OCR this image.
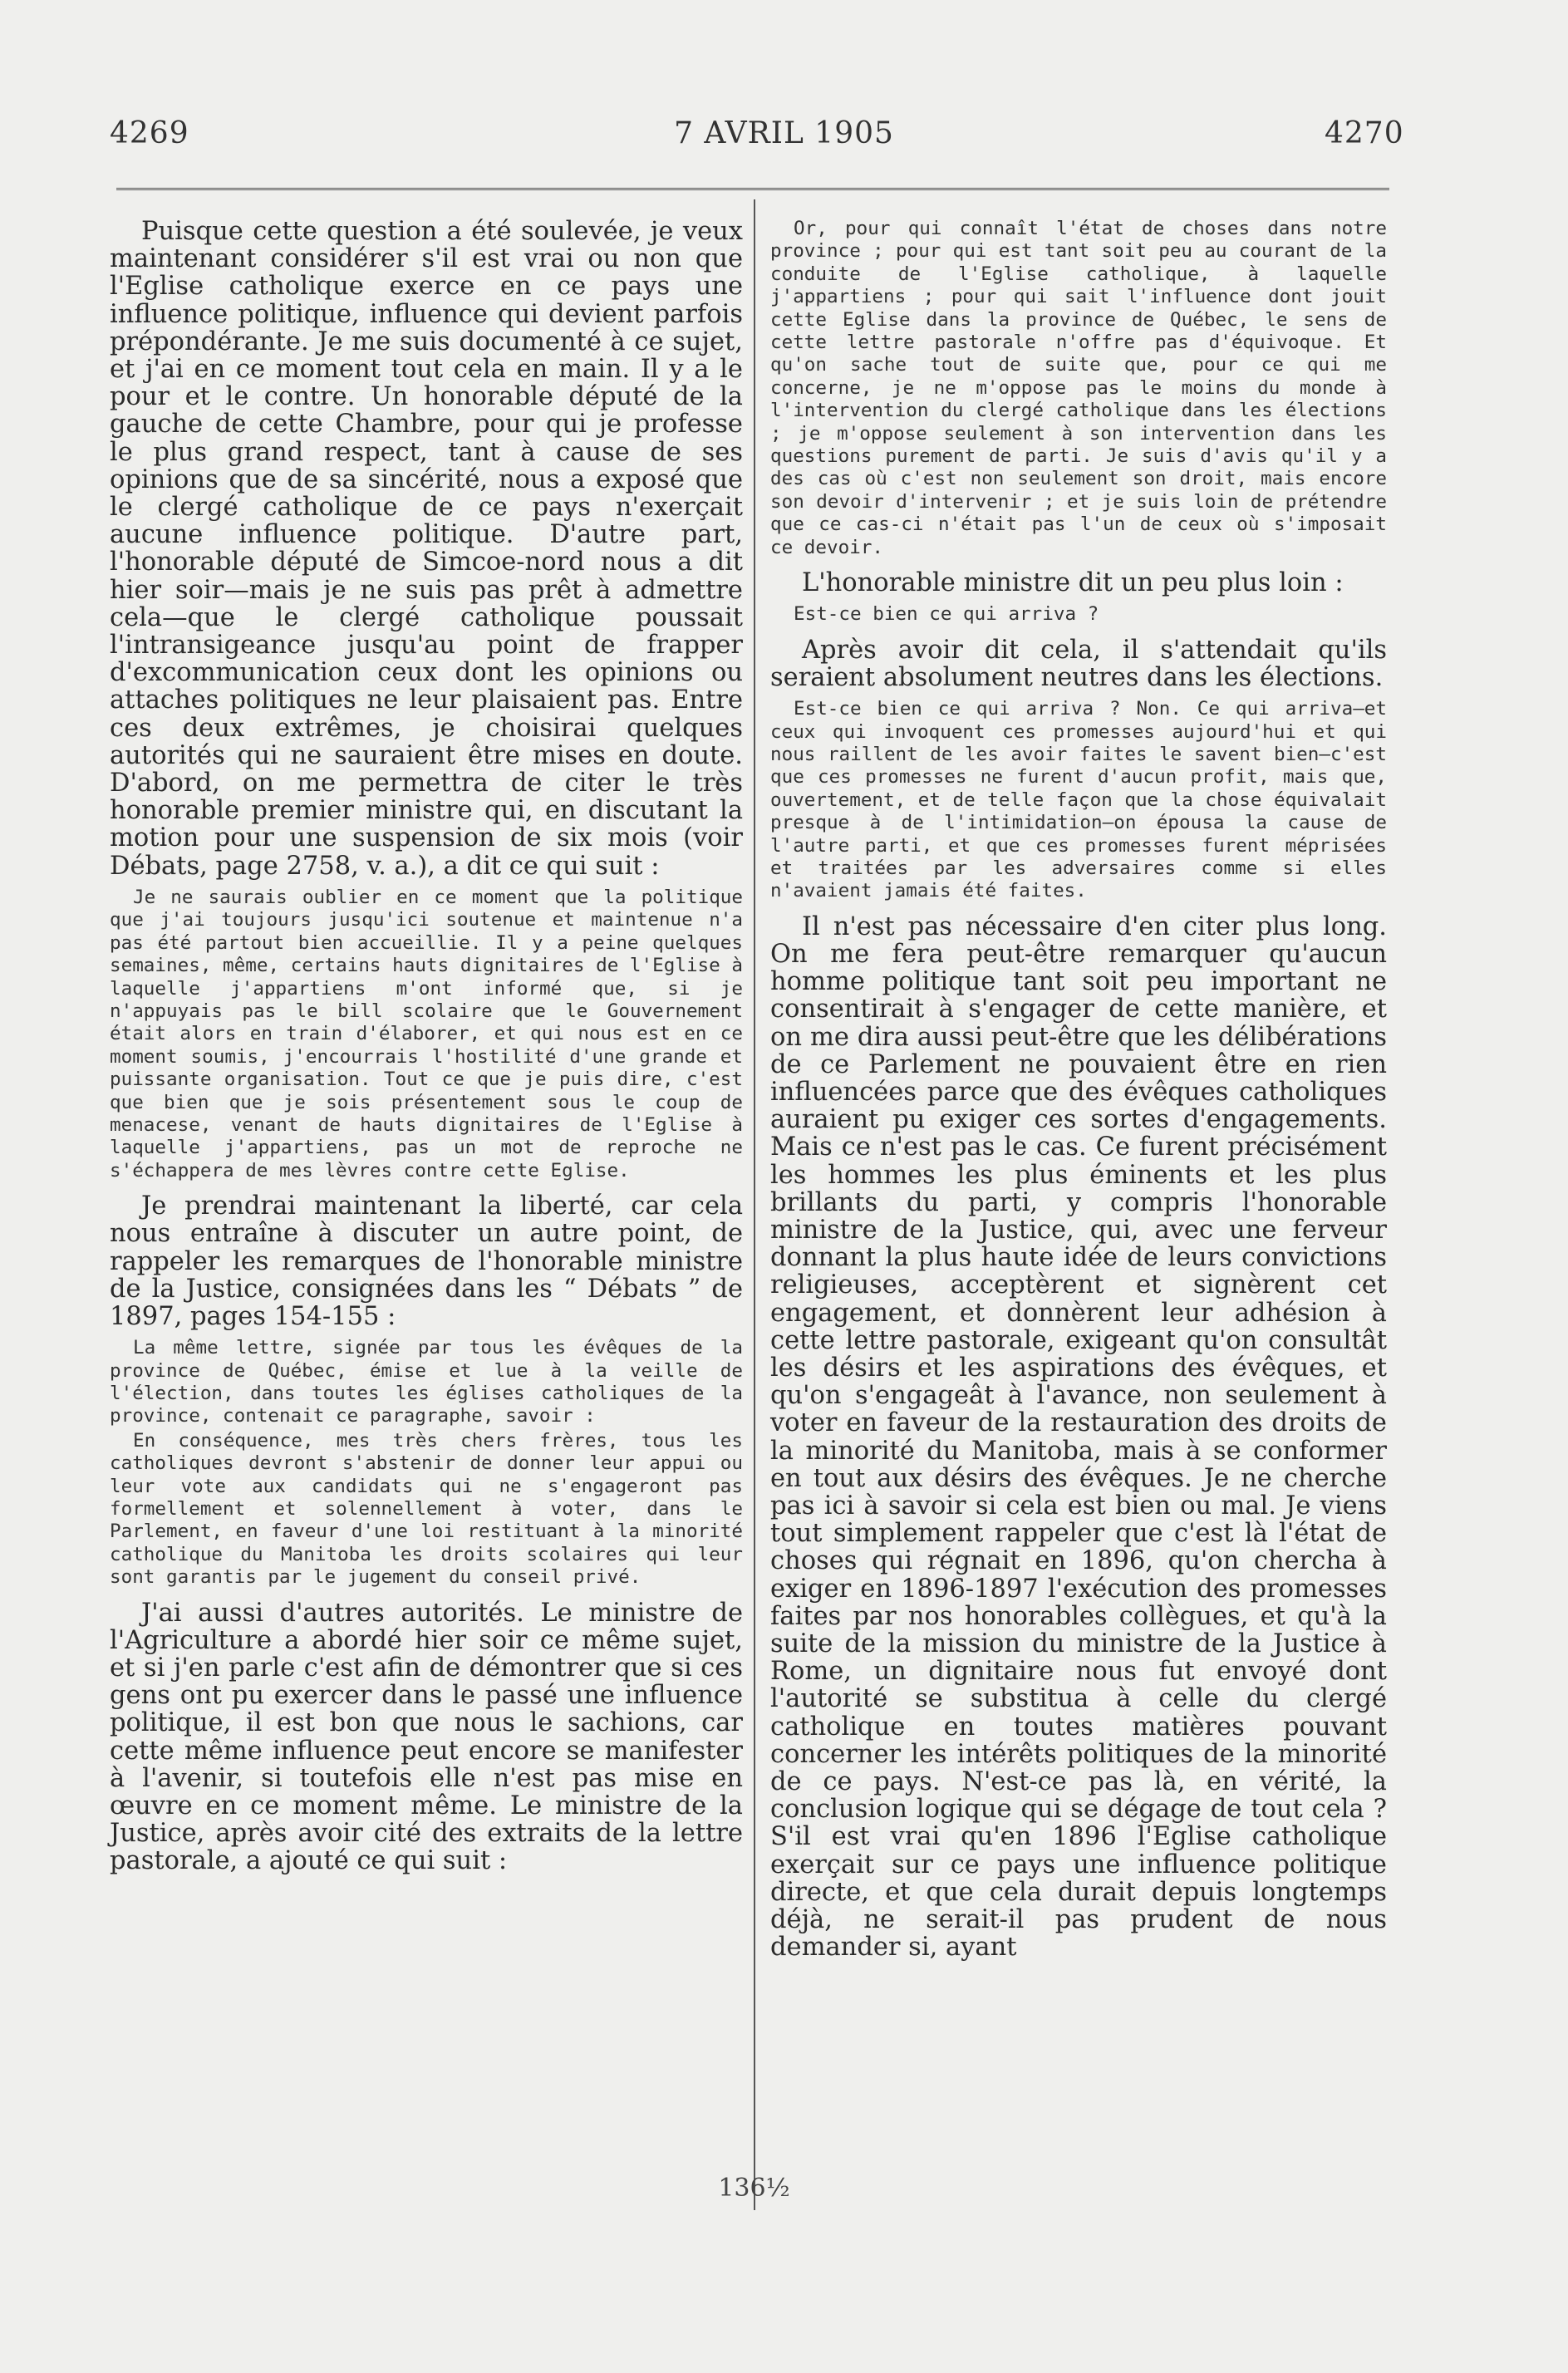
4269	7 AVRIL 1905	4270

Puisque cette question a été soulevée, je veux maintenant considérer s'il est vrai ou non que l'Eglise catholique exerce en ce pays une influence politique, influence qui devient parfois prépondérante. Je me suis documenté à ce sujet, et j'ai en ce moment tout cela en main. Il y a le pour et le contre. Un honorable député de la gauche de cette Chambre, pour qui je professe le plus grand respect, tant à cause de ses opinions que de sa sincérité, nous a exposé que le clergé catholique de ce pays n'exerçait aucune influence politique. D'autre part, l'honorable député de Simcoe-nord nous a dit hier soir—mais je ne suis pas prêt à admettre cela—que le clergé catholique poussait l'intransigeance jusqu'au point de frapper d'excommunication ceux dont les opinions ou attaches politiques ne leur plaisaient pas. Entre ces deux extrêmes, je choisirai quelques autorités qui ne sauraient être mises en doute. D'abord, on me permettra de citer le très honorable premier ministre qui, en discutant la motion pour une suspension de six mois (voir Débats, page 2758, v. a.), a dit ce qui suit :

Je ne saurais oublier en ce moment que la politique que j'ai toujours jusqu'ici soutenue et maintenue n'a pas été partout bien accueillie. Il y a peine quelques semaines, même, certains hauts dignitaires de l'Eglise à laquelle j'appartiens m'ont informé que, si je n'appuyais pas le bill scolaire que le Gouvernement était alors en train d'élaborer, et qui nous est en ce moment soumis, j'encourrais l'hostilité d'une grande et puissante organisation. Tout ce que je puis dire, c'est que bien que je sois présentement sous le coup de menacese, venant de hauts dignitaires de l'Eglise à laquelle j'appartiens, pas un mot de reproche ne s'échappera de mes lèvres contre cette Eglise.

Je prendrai maintenant la liberté, car cela nous entraîne à discuter un autre point, de rappeler les remarques de l'honorable ministre de la Justice, consignées dans les “ Débats ” de 1897, pages 154-155 :

La même lettre, signée par tous les évêques de la province de Québec, émise et lue à la veille de l'élection, dans toutes les églises catholiques de la province, contenait ce paragraphe, savoir :

En conséquence, mes très chers frères, tous les catholiques devront s'abstenir de donner leur appui ou leur vote aux candidats qui ne s'engageront pas formellement et solennellement à voter, dans le Parlement, en faveur d'une loi restituant à la minorité catholique du Manitoba les droits scolaires qui leur sont garantis par le jugement du conseil privé.

J'ai aussi d'autres autorités. Le ministre de l'Agriculture a abordé hier soir ce même sujet, et si j'en parle c'est afin de démontrer que si ces gens ont pu exercer dans le passé une influence politique, il est bon que nous le sachions, car cette même influence peut encore se manifester à l'avenir, si toutefois elle n'est pas mise en œuvre en ce moment même. Le ministre de la Justice, après avoir cité des extraits de la lettre pastorale, a ajouté ce qui suit :

Or, pour qui connaît l'état de choses dans notre province ; pour qui est tant soit peu au courant de la conduite de l'Eglise catholique, à laquelle j'appartiens ; pour qui sait l'influence dont jouit cette Eglise dans la province de Québec, le sens de cette lettre pastorale n'offre pas d'équivoque. Et qu'on sache tout de suite que, pour ce qui me concerne, je ne m'oppose pas le moins du monde à l'intervention du clergé catholique dans les élections ; je m'oppose seulement à son intervention dans les questions purement de parti. Je suis d'avis qu'il y a des cas où c'est non seulement son droit, mais encore son devoir d'intervenir ; et je suis loin de prétendre que ce cas-ci n'était pas l'un de ceux où s'imposait ce devoir.

L'honorable ministre dit un peu plus loin :

Est-ce bien ce qui arriva ?

Après avoir dit cela, il s'attendait qu'ils seraient absolument neutres dans les élections.

Est-ce bien ce qui arriva ? Non. Ce qui arriva—et ceux qui invoquent ces promesses aujourd'hui et qui nous raillent de les avoir faites le savent bien—c'est que ces promesses ne furent d'aucun profit, mais que, ouvertement, et de telle façon que la chose équivalait presque à de l'intimidation—on épousa la cause de l'autre parti, et que ces promesses furent méprisées et traitées par les adversaires comme si elles n'avaient jamais été faites.

Il n'est pas nécessaire d'en citer plus long. On me fera peut-être remarquer qu'aucun homme politique tant soit peu important ne consentirait à s'engager de cette manière, et on me dira aussi peut-être que les délibérations de ce Parlement ne pouvaient être en rien influencées parce que des évêques catholiques auraient pu exiger ces sortes d'engagements. Mais ce n'est pas le cas. Ce furent précisément les hommes les plus éminents et les plus brillants du parti, y compris l'honorable ministre de la Justice, qui, avec une ferveur donnant la plus haute idée de leurs convictions religieuses, acceptèrent et signèrent cet engagement, et donnèrent leur adhésion à cette lettre pastorale, exigeant qu'on consultât les désirs et les aspirations des évêques, et qu'on s'engageât à l'avance, non seulement à voter en faveur de la restauration des droits de la minorité du Manitoba, mais à se conformer en tout aux désirs des évêques. Je ne cherche pas ici à savoir si cela est bien ou mal. Je viens tout simplement rappeler que c'est là l'état de choses qui régnait en 1896, qu'on chercha à exiger en 1896-1897 l'exécution des promesses faites par nos honorables collègues, et qu'à la suite de la mission du ministre de la Justice à Rome, un dignitaire nous fut envoyé dont l'autorité se substitua à celle du clergé catholique en toutes matières pouvant concerner les intérêts politiques de la minorité de ce pays. N'est-ce pas là, en vérité, la conclusion logique qui se dégage de tout cela ? S'il est vrai qu'en 1896 l'Eglise catholique exerçait sur ce pays une influence politique directe, et que cela durait depuis longtemps déjà, ne serait-il pas prudent de nous demander si, ayant

136½
